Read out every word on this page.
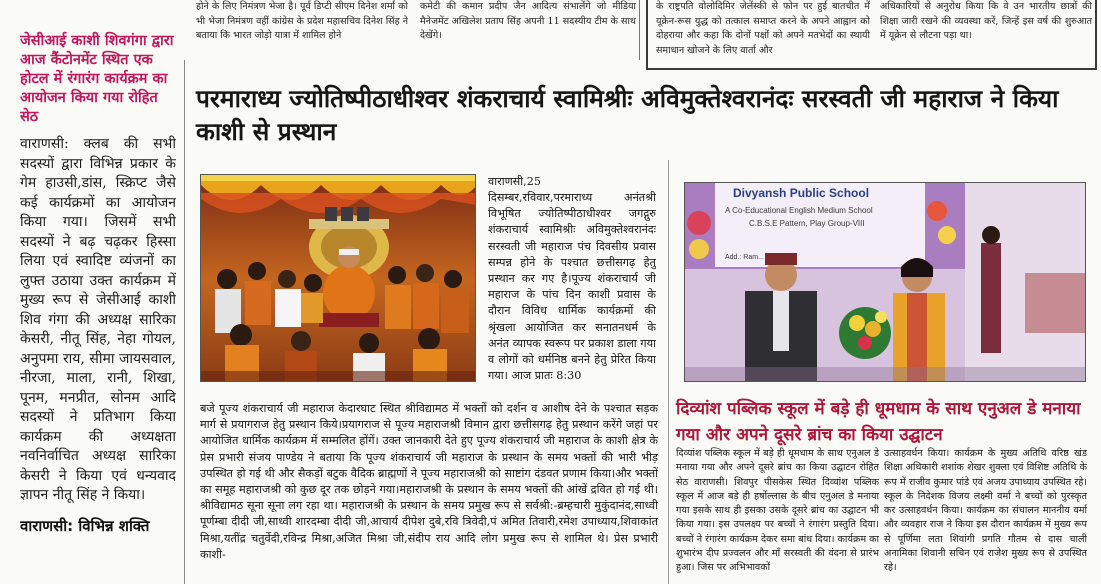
होने के लिए निमंत्रण भेजा है। पूर्व डिप्टी सीएम दिनेश शर्मा को भी भेजा निमंत्रण वहीं कांग्रेस के प्रदेश महासचिव दिनेश सिंह ने बताया कि भारत जोड़ो यात्रा में शामिल होने
कमेटी की कमान प्रदीप जैन आदित्य संभालेंगे जो मीडिया मैनेजमेंट अखिलेश प्रताप सिंह अपनी 11 सदस्यीय टीम के साथ देखेंगे।
के राष्ट्रपति वोलोदिमिर जेलेंस्की से फोन पर हुई बातचीत में यूक्रेन-रूस युद्ध को तत्काल समाप्त करने के अपने आह्वान को दोहराया और कहा कि दोनों पक्षों को अपने मतभेदों का स्थायी समाधान खोजने के लिए वार्ता और
अधिकारियों से अनुरोध किया कि वे उन भारतीय छात्रों की शिक्षा जारी रखने की व्यवस्था करें, जिन्हें इस वर्ष की शुरुआत में यूक्रेन से लौटना पड़ा था।
जेसीआई काशी शिवगंगा द्वारा आज कैंटोनमेंट स्थित एक होटल में रंगारंग कार्यक्रम का आयोजन किया गया रोहित सेठ
वाराणसी: क्लब की सभी सदस्यों द्वारा विभिन्न प्रकार के गेम हाउसी,डांस, स्क्रिप्ट जैसे कई कार्यक्रमों का आयोजन किया गया। जिसमें सभी सदस्यों ने बढ़ चढ़कर हिस्सा लिया एवं स्वादिष्ट व्यंजनों का लुफ्त उठाया उक्त कार्यक्रम में मुख्य रूप से जेसीआई काशी शिव गंगा की अध्यक्ष सारिका केसरी, नीतू सिंह, नेहा गोयल, अनुपमा राय, सीमा जायसवाल, नीरजा, माला, रानी, शिखा, पूनम, मनप्रीत, सोनम आदि सदस्यों ने प्रतिभाग किया कार्यक्रम की अध्यक्षता नवनिर्वाचित अध्यक्ष सारिका केसरी ने किया एवं धन्यवाद ज्ञापन नीतू सिंह ने किया।
वाराणसी: विभिन्न शक्ति
परमाराध्य ज्योतिष्पीठाधीश्वर शंकराचार्य स्वामिश्रीः अविमुक्तेश्वरानंदः सरस्वती जी महाराज ने किया काशी से प्रस्थान
वाराणसी,25
दिसम्बर,रविवार,परमाराध्य अनंतश्री विभूषित ज्योतिष्पीठाधीश्वर जगद्गुरु शंकराचार्य स्वामिश्रीः अविमुक्तेश्वरानंदः सरस्वती जी महाराज पंच दिवसीय प्रवास सम्पन्न होने के पश्चात छत्तीसगढ़ हेतु प्रस्थान कर गए है।पूज्य शंकराचार्य जी महाराज के पांच दिन काशी प्रवास के दौरान विविध धार्मिक कार्यक्रमों की श्रृंखला आयोजित कर सनातनधर्म के अनंत व्यापक स्वरूप पर प्रकाश डाला गया व लोगों को धर्मनिष्ठ बनने हेतु प्रेरित किया गया। आज प्रातः 8:30
बजे पूज्य शंकराचार्य जी महाराज केदारघाट स्थित श्रीविद्यामठ में भक्तों को दर्शन व आशीष देने के पश्चात सड़क मार्ग से प्रयागराज हेतु प्रस्थान किये।प्रयागराज से पूज्य महाराजश्री विमान द्वारा छत्तीसगढ़ हेतु प्रस्थान करेंगे जहां पर आयोजित धार्मिक कार्यक्रम में सम्मलित होंगें। उक्त जानकारी देते हुए पूज्य शंकराचार्य जी महाराज के काशी क्षेत्र के प्रेस प्रभारी संजय पाण्डेय ने बताया कि पूज्य शंकराचार्य जी महाराज के प्रस्थान के समय भक्तों की भारी भीड़ उपस्थित हो गई थी और सैकड़ों बटुक वैदिक ब्राह्मणों ने पूज्य महाराजश्री को साष्टांग दंडवत प्रणाम किया।और भक्तों का समूह महाराजश्री को कुछ दूर तक छोड़ने गया।महाराजश्री के प्रस्थान के समय भक्तों की आंखें द्रवित हो गई थी।श्रीविद्यामठ सूना सूना लग रहा था। महाराजश्री के प्रस्थान के समय प्रमुख रूप से सर्वश्री:-ब्रम्हचारी मुकुंदानंद,साध्वी पूर्णम्बा दीदी जी,साध्वी शारदम्बा दीदी जी,आचार्य दीपेश दुबे,रवि त्रिवेदी,पं अमित तिवारी,रमेश उपाध्याय,शिवाकांत मिश्रा,यतींद्र चतुर्वेदी,रविन्द्र मिश्रा,अजित मिश्रा जी,संदीप राय आदि लोग प्रमुख रूप से शामिल थे। प्रेस प्रभारी काशी-
Divyansh Public School
A Co-Educational English Medium School
C.B.S.E Pattern, Play Group-VIII
Add.: Ram...
दिव्यांश पब्लिक स्कूल में बड़े ही धूमधाम के साथ एनुअल डे मनाया गया और अपने दूसरे ब्रांच का किया उद्घाटन
दिव्यांश पब्लिक स्कूल में बड़े ही धूमधाम के साथ एनुअल डे मनाया गया और अपने दूसरे ब्रांच का किया उद्घाटन रोहित सेठ वाराणसी। शिवपुर पीसकेस स्थित दिव्यांश पब्लिक स्कूल में आज बड़े ही हर्षोल्लास के बीच एनुअल डे मनाया गया इसके साथ ही इसका उसके दूसरे ब्रांच का उद्घाटन भी किया गया। इस उपलक्ष्य पर बच्चों ने रंगारंग प्रस्तुति दिया। बच्चों ने रंगारंग कार्यक्रम देकर समा बांध दिया। कार्यक्रम का शुभारंभ दीप प्रज्वलन और माँ सरस्वती की वंदना से प्रारंभ हुआ। जिस पर अभिभावकों
उत्साहवर्धन किया। कार्यक्रम के मुख्य अतिथि वरिष्ठ खंड शिक्षा अधिकारी शशांक शेखर शुक्ला एवं विशिष्ट अतिथि के रूप में राजीव कुमार पांडे एवं अजय उपाध्याय उपस्थित रहे। स्कूल के निदेशक विजय लक्ष्मी वर्मा ने बच्चों को पुरस्कृत कर उत्साहवर्धन किया। कार्यक्रम का संचालन माननीय वर्मा और व्यवहार राज ने किया इस दौरान कार्यक्रम में मुख्य रूप से पूर्णिमा लता शिवांगी प्रगति गौतम से दास चाली अनामिका शिवानी सचिन एवं राजेश मुख्य रूप से उपस्थित रहे।
